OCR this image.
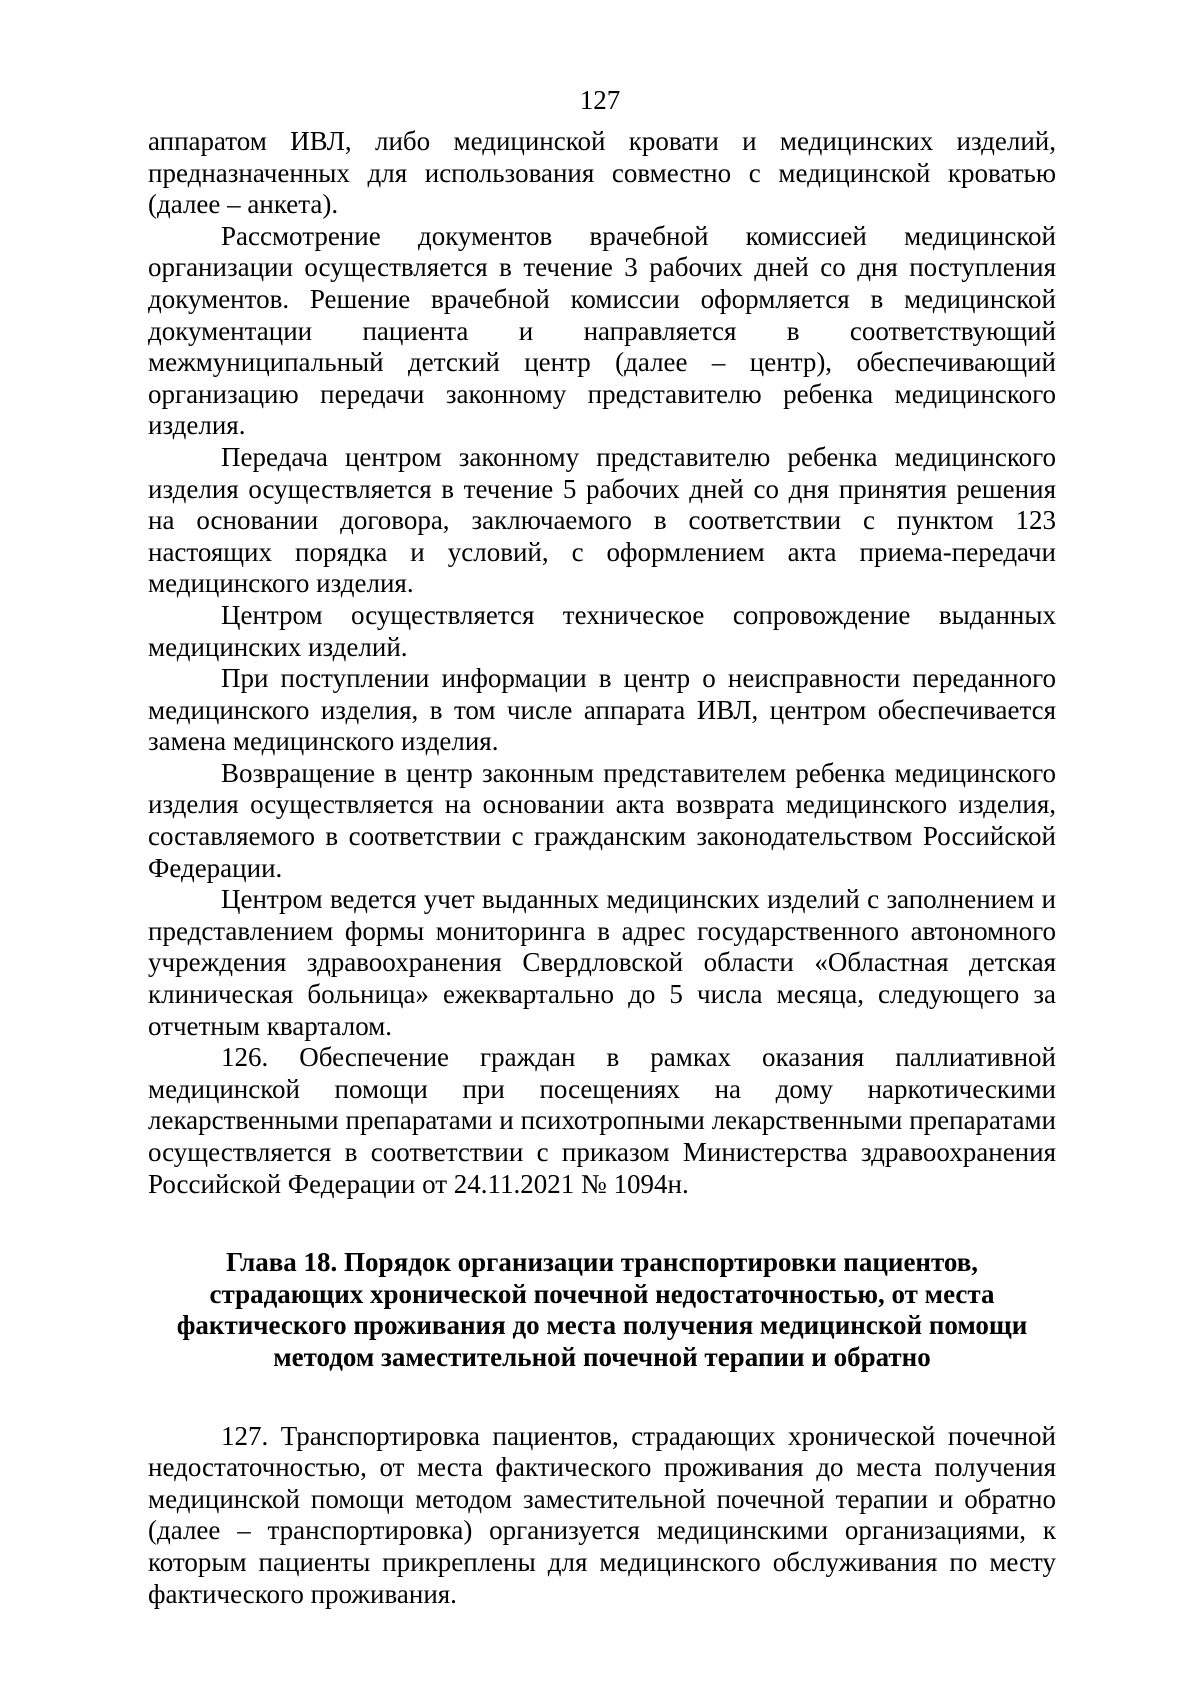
127

аппаратом ИВЛ, либо медицинской кровати и медицинских изделий, предназначенных для использования совместно с медицинской кроватью (далее – анкета).

Рассмотрение документов врачебной комиссией медицинской организации осуществляется в течение 3 рабочих дней со дня поступления документов. Решение врачебной комиссии оформляется в медицинской документации пациента и направляется в соответствующий межмуниципальный детский центр (далее – центр), обеспечивающий организацию передачи законному представителю ребенка медицинского изделия.

Передача центром законному представителю ребенка медицинского изделия осуществляется в течение 5 рабочих дней со дня принятия решения на основании договора, заключаемого в соответствии с пунктом 123 настоящих порядка и условий, с оформлением акта приема-передачи медицинского изделия.

Центром осуществляется техническое сопровождение выданных медицинских изделий.

При поступлении информации в центр о неисправности переданного медицинского изделия, в том числе аппарата ИВЛ, центром обеспечивается замена медицинского изделия.

Возвращение в центр законным представителем ребенка медицинского изделия осуществляется на основании акта возврата медицинского изделия, составляемого в соответствии с гражданским законодательством Российской Федерации.

Центром ведется учет выданных медицинских изделий с заполнением и представлением формы мониторинга в адрес государственного автономного учреждения здравоохранения Свердловской области «Областная детская клиническая больница» ежеквартально до 5 числа месяца, следующего за отчетным кварталом.

126. Обеспечение граждан в рамках оказания паллиативной медицинской помощи при посещениях на дому наркотическими лекарственными препаратами и психотропными лекарственными препаратами осуществляется в соответствии с приказом Министерства здравоохранения Российской Федерации от 24.11.2021 № 1094н.

Глава 18. Порядок организации транспортировки пациентов, страдающих хронической почечной недостаточностью, от места фактического проживания до места получения медицинской помощи методом заместительной почечной терапии и обратно

127. Транспортировка пациентов, страдающих хронической почечной недостаточностью, от места фактического проживания до места получения медицинской помощи методом заместительной почечной терапии и обратно (далее – транспортировка) организуется медицинскими организациями, к которым пациенты прикреплены для медицинского обслуживания по месту фактического проживания.
